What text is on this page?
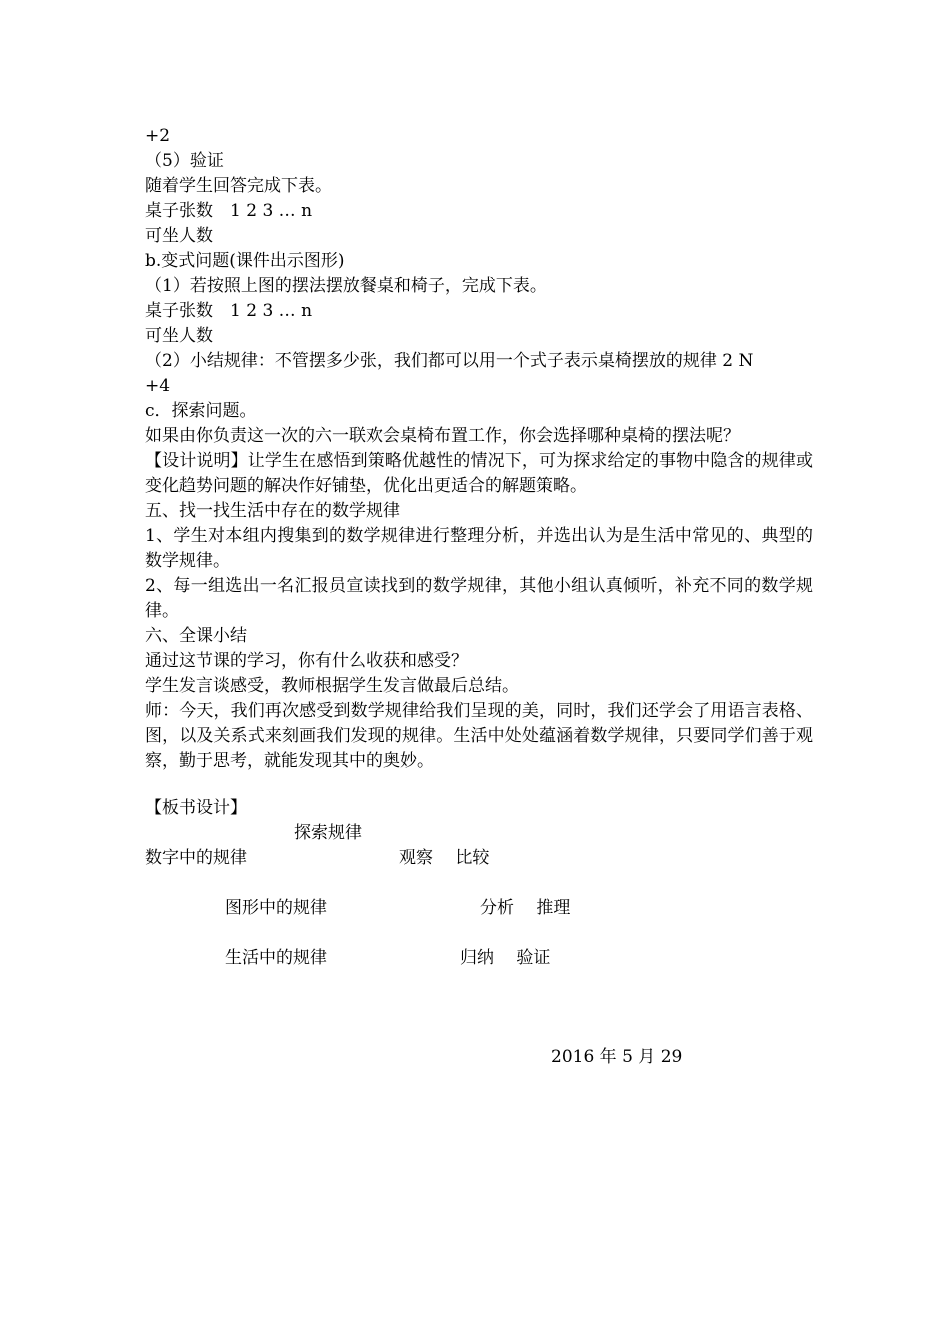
+2
（5）验证
随着学生回答完成下表。
桌子张数　1 2 3 … n
可坐人数
b.变式问题(课件出示图形)
（1）若按照上图的摆法摆放餐桌和椅子，完成下表。
桌子张数　1 2 3 … n
可坐人数
（2）小结规律：不管摆多少张，我们都可以用一个式子表示桌椅摆放的规律 2 N
+4
c．探索问题。
如果由你负责这一次的六一联欢会桌椅布置工作，你会选择哪种桌椅的摆法呢？
【设计说明】让学生在感悟到策略优越性的情况下，可为探求给定的事物中隐含的规律或变化趋势问题的解决作好铺垫，优化出更适合的解题策略。
五、找一找生活中存在的数学规律
1、学生对本组内搜集到的数学规律进行整理分析，并选出认为是生活中常见的、典型的数学规律。
2、每一组选出一名汇报员宣读找到的数学规律，其他小组认真倾听，补充不同的数学规律。
六、全课小结
通过这节课的学习，你有什么收获和感受？
学生发言谈感受，教师根据学生发言做最后总结。
师：今天，我们再次感受到数学规律给我们呈现的美，同时，我们还学会了用语言表格、图，以及关系式来刻画我们发现的规律。生活中处处蕴涵着数学规律，只要同学们善于观察，勤于思考，就能发现其中的奥妙。
【板书设计】
探索规律
数字中的规律	观察　 比较
图形中的规律	分析　 推理
生活中的规律	归纳　 验证
2016 年 5 月 29
